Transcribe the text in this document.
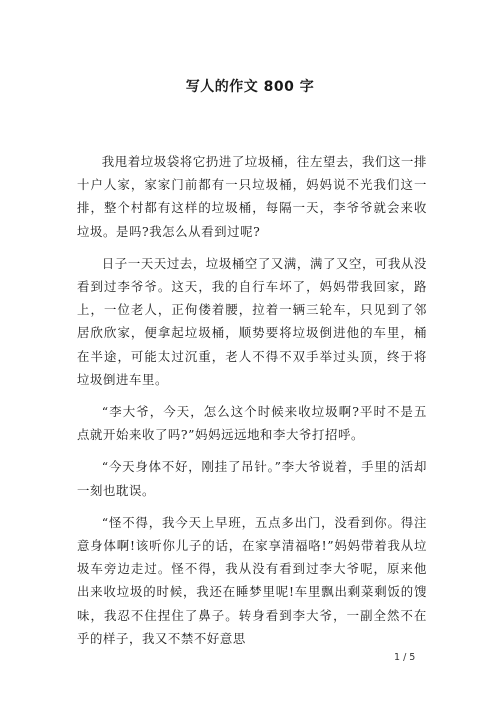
写人的作文 800 字

我甩着垃圾袋将它扔进了垃圾桶，往左望去，我们这一排十户人家，家家门前都有一只垃圾桶，妈妈说不光我们这一排，整个村都有这样的垃圾桶，每隔一天，李爷爷就会来收垃圾。是吗?我怎么从看到过呢?

日子一天天过去，垃圾桶空了又满，满了又空，可我从没看到过李爷爷。这天，我的自行车坏了，妈妈带我回家，路上，一位老人，正佝偻着腰，拉着一辆三轮车，只见到了邻居欣欣家，便拿起垃圾桶，顺势要将垃圾倒进他的车里，桶在半途，可能太过沉重，老人不得不双手举过头顶，终于将垃圾倒进车里。

“李大爷，今天，怎么这个时候来收垃圾啊?平时不是五点就开始来收了吗?”妈妈远远地和李大爷打招呼。

“今天身体不好，刚挂了吊针。”李大爷说着，手里的活却一刻也耽误。

“怪不得，我今天上早班，五点多出门，没看到你。得注意身体啊!该听你儿子的话，在家享清福咯!”妈妈带着我从垃圾车旁边走过。怪不得，我从没有看到过李大爷呢，原来他出来收垃圾的时候，我还在睡梦里呢!车里飘出剩菜剩饭的馊味，我忍不住捏住了鼻子。转身看到李大爷，一副全然不在乎的样子，我又不禁不好意思

1 / 5
